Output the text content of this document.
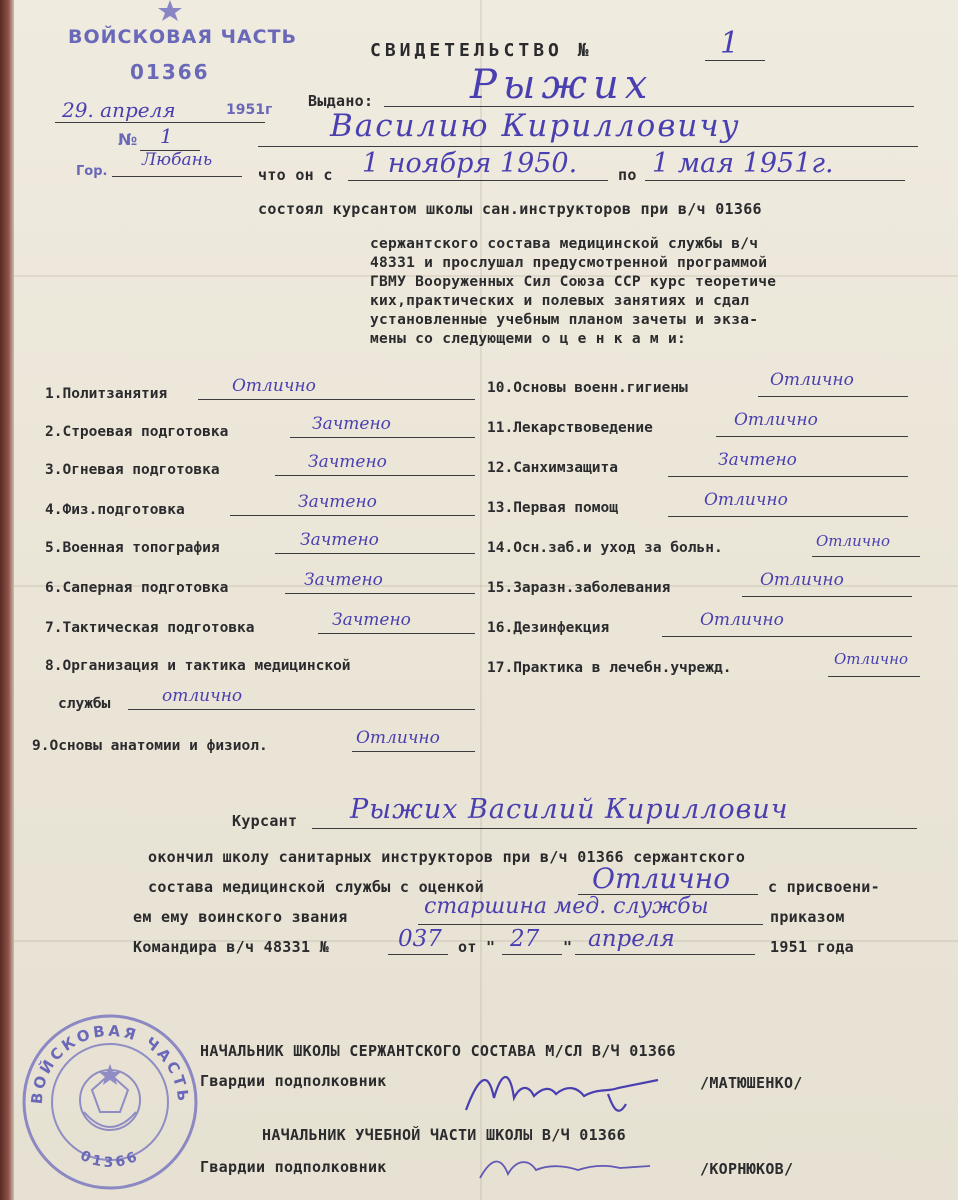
ВОЙСКОВАЯ ЧАСТЬ
01366
29. апреля	1951г
№ 1
Гор.
Любань
СВИДЕТЕЛЬСТВО №	1
Выдано: Рыжих
Василию Кирилловичу
что он с 1 ноября 1950.	по 1 мая 1951г.
состоял курсантом школы сан.инструкторов при в/ч 01366
сержантского состава медицинской службы в/ч
48331 и прослушал предусмотренной программой
ГВМУ Вооруженных Сил Союза ССР курс теоретиче
ких,практических и полевых занятиях и сдал
установленные учебным планом зачеты и экза-
мены со следующеми о ц е н к а м и:
1.Политзанятия	Отлично
2.Строевая подготовка	Зачтено
3.Огневая подготовка	Зачтено
4.Физ.подготовка	Зачтено
5.Военная топография	Зачтено
6.Саперная подготовка	Зачтено
7.Тактическая подготовка	Зачтено
8.Организация и тактика медицинской
службы	отлично
9.Основы анатомии и физиол.	Отлично
10.Основы военн.гигиены	Отлично
11.Лекарствоведение	Отлично
12.Санхимзащита	Зачтено
13.Первая помощ	Отлично
14.Осн.заб.и уход за больн.	Отлично
15.Заразн.заболевания	Отлично
16.Дезинфекция	Отлично
17.Практика в лечебн.учрежд.	Отлично
Курсант Рыжих Василий Кириллович
окончил школу санитарных инструкторов при в/ч 01366 сержантского
состава медицинской службы с оценкой	Отлично	с присвоени-
ем ему воинского звания	старшина мед. службы	приказом
Командира в/ч 48331 №	037 от " 27 " апреля	1951 года
ВОЙСКОВАЯ ЧАСТЬ
01366
НАЧАЛЬНИК ШКОЛЫ СЕРЖАНТСКОГО СОСТАВА М/СЛ В/Ч 01366
Гвардии подполковник	/МАТЮШЕНКО/
НАЧАЛЬНИК УЧЕБНОЙ ЧАСТИ ШКОЛЫ В/Ч 01366
Гвардии подполковник	/КОРНЮКОВ/
